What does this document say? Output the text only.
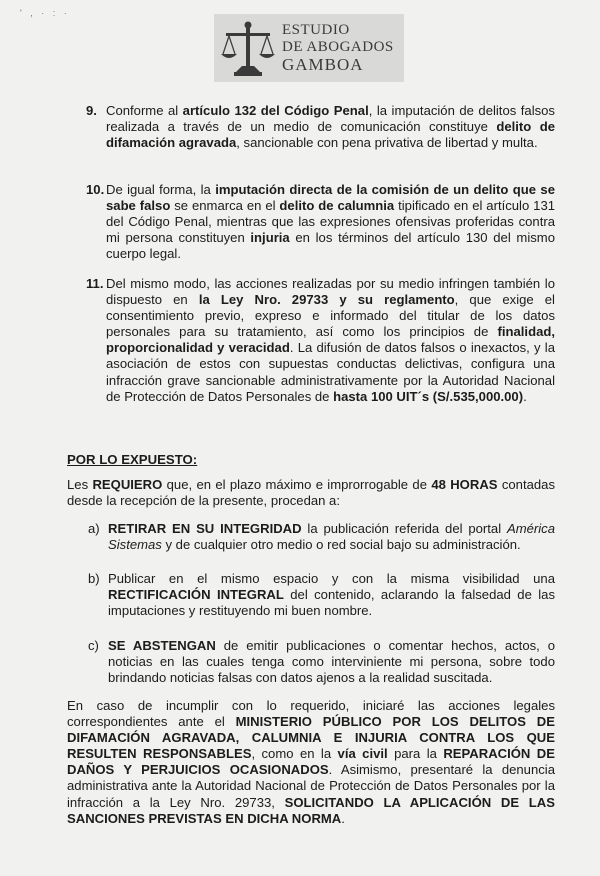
' , · : ·
ESTUDIO
DE ABOGADOS
GAMBOA
9. Conforme al artículo 132 del Código Penal, la imputación de delitos falsos realizada a través de un medio de comunicación constituye delito de difamación agravada, sancionable con pena privativa de libertad y multa.

10. De igual forma, la imputación directa de la comisión de un delito que se sabe falso se enmarca en el delito de calumnia tipificado en el artículo 131 del Código Penal, mientras que las expresiones ofensivas proferidas contra mi persona constituyen injuria en los términos del artículo 130 del mismo cuerpo legal.

11. Del mismo modo, las acciones realizadas por su medio infringen también lo dispuesto en la Ley Nro. 29733 y su reglamento, que exige el consentimiento previo, expreso e informado del titular de los datos personales para su tratamiento, así como los principios de finalidad, proporcionalidad y veracidad. La difusión de datos falsos o inexactos, y la asociación de estos con supuestas conductas delictivas, configura una infracción grave sancionable administrativamente por la Autoridad Nacional de Protección de Datos Personales de hasta 100 UIT´s (S/.535,000.00).

POR LO EXPUESTO:

Les REQUIERO que, en el plazo máximo e improrrogable de 48 HORAS contadas desde la recepción de la presente, procedan a:

a) RETIRAR EN SU INTEGRIDAD la publicación referida del portal América Sistemas y de cualquier otro medio o red social bajo su administración.

b) Publicar en el mismo espacio y con la misma visibilidad una RECTIFICACIÓN INTEGRAL del contenido, aclarando la falsedad de las imputaciones y restituyendo mi buen nombre.

c) SE ABSTENGAN de emitir publicaciones o comentar hechos, actos, o noticias en las cuales tenga como interviniente mi persona, sobre todo brindando noticias falsas con datos ajenos a la realidad suscitada.

En caso de incumplir con lo requerido, iniciaré las acciones legales correspondientes ante el MINISTERIO PÚBLICO POR LOS DELITOS DE DIFAMACIÓN AGRAVADA, CALUMNIA E INJURIA CONTRA LOS QUE RESULTEN RESPONSABLES, como en la vía civil para la REPARACIÓN DE DAÑOS Y PERJUICIOS OCASIONADOS. Asimismo, presentaré la denuncia administrativa ante la Autoridad Nacional de Protección de Datos Personales por la infracción a la Ley Nro. 29733, SOLICITANDO LA APLICACIÓN DE LAS SANCIONES PREVISTAS EN DICHA NORMA.
